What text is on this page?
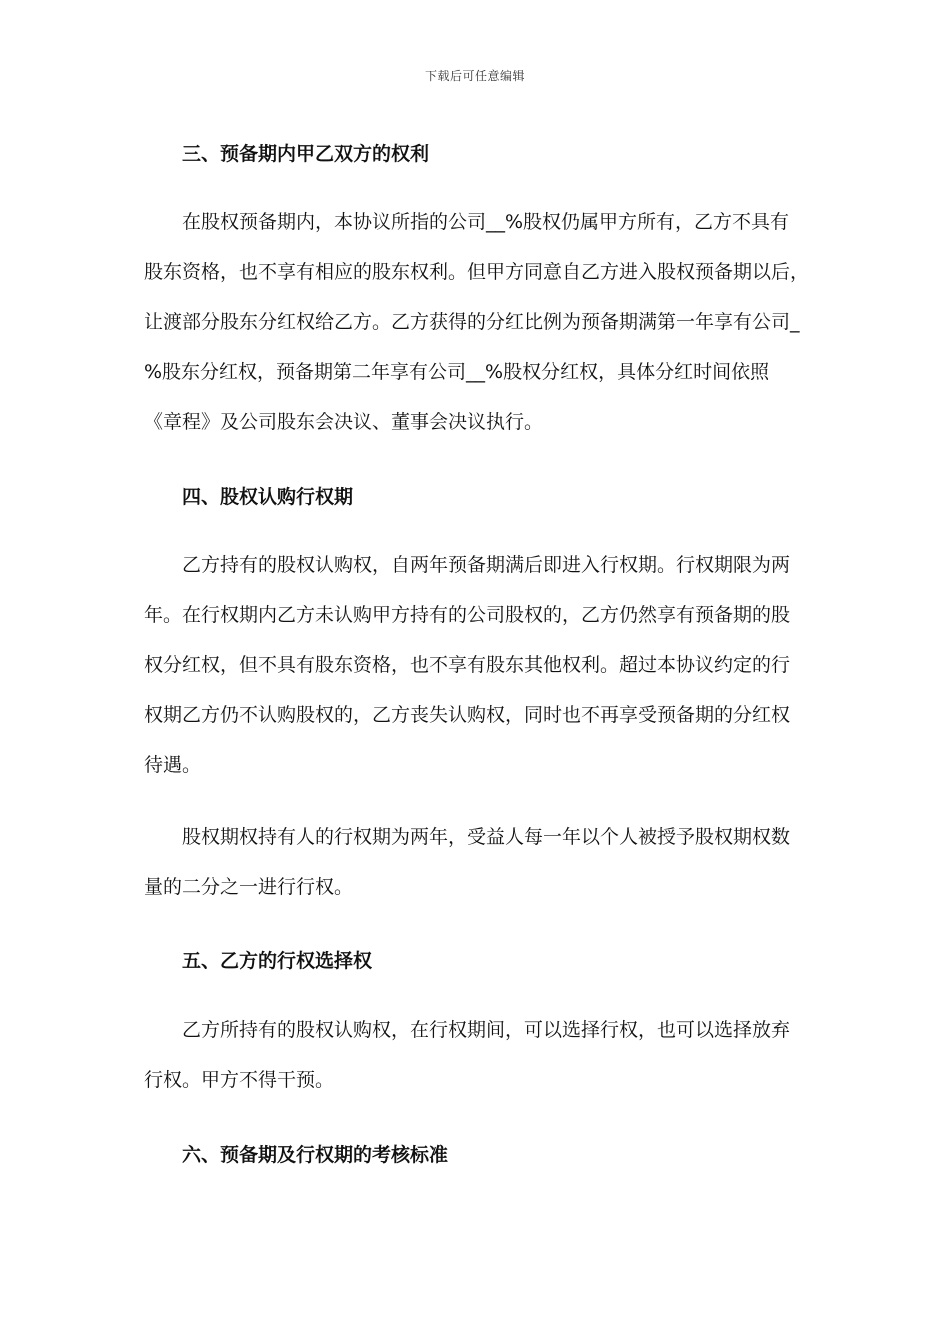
下载后可任意编辑
三、预备期内甲乙双方的权利
在股权预备期内，本协议所指的公司__%股权仍属甲方所有，乙方不具有
股东资格，也不享有相应的股东权利。但甲方同意自乙方进入股权预备期以后，
让渡部分股东分红权给乙方。乙方获得的分红比例为预备期满第一年享有公司_
%股东分红权，预备期第二年享有公司__%股权分红权，具体分红时间依照
《章程》及公司股东会决议、董事会决议执行。
四、股权认购行权期
乙方持有的股权认购权，自两年预备期满后即进入行权期。行权期限为两
年。在行权期内乙方未认购甲方持有的公司股权的，乙方仍然享有预备期的股
权分红权，但不具有股东资格，也不享有股东其他权利。超过本协议约定的行
权期乙方仍不认购股权的，乙方丧失认购权，同时也不再享受预备期的分红权
待遇。
股权期权持有人的行权期为两年，受益人每一年以个人被授予股权期权数
量的二分之一进行行权。
五、乙方的行权选择权
乙方所持有的股权认购权，在行权期间，可以选择行权，也可以选择放弃
行权。甲方不得干预。
六、预备期及行权期的考核标准
